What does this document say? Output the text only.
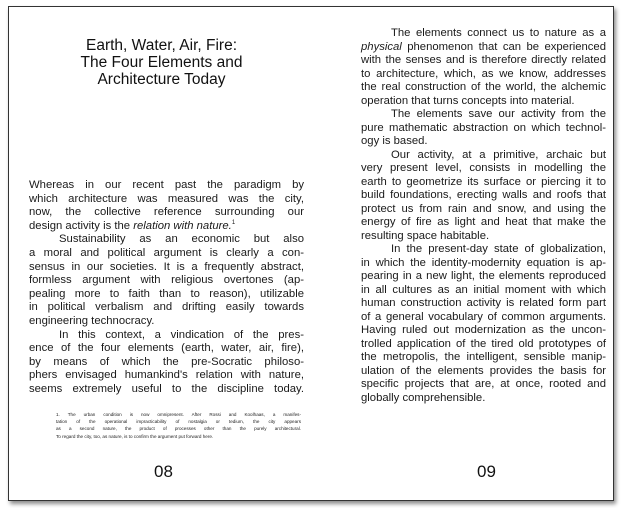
Earth, Water, Air, Fire:
The Four Elements and
Architecture Today
Whereas in our recent past the paradigm by
which architecture was measured was the city,
now, the collective reference surrounding our
design activity is the relation with nature.$^1$
Sustainability as an economic but also
a moral and political argument is clearly a con-
sensus in our societies. It is a frequently abstract,
formless argument with religious overtones (ap-
pealing more to faith than to reason), utilizable
in political verbalism and drifting easily towards
engineering technocracy.
In this context, a vindication of the pres-
ence of the four elements (earth, water, air, fire),
by means of which the pre-Socratic philoso-
phers envisaged humankind's relation with nature,
seems extremely useful to the discipline today.
1. The urban condition is now omnipresent. After Rossi and Koolhaas, a manifes-
tation of the operational impracticability of nostalgia or tedium, the city appears
as a second nature, the product of processes other than the purely architectural.
To regard the city, too, as nature, is to confirm the argument put forward here.
08
The elements connect us to nature as a
physical phenomenon that can be experienced
with the senses and is therefore directly related
to architecture, which, as we know, addresses
the real construction of the world, the alchemic
operation that turns concepts into material.
The elements save our activity from the
pure mathematic abstraction on which technol-
ogy is based.
Our activity, at a primitive, archaic but
very present level, consists in modelling the
earth to geometrize its surface or piercing it to
build foundations, erecting walls and roofs that
protect us from rain and snow, and using the
energy of fire as light and heat that make the
resulting space habitable.
In the present-day state of globalization,
in which the identity-modernity equation is ap-
pearing in a new light, the elements reproduced
in all cultures as an initial moment with which
human construction activity is related form part
of a general vocabulary of common arguments.
Having ruled out modernization as the uncon-
trolled application of the tired old prototypes of
the metropolis, the intelligent, sensible manip-
ulation of the elements provides the basis for
specific projects that are, at once, rooted and
globally comprehensible.
09
